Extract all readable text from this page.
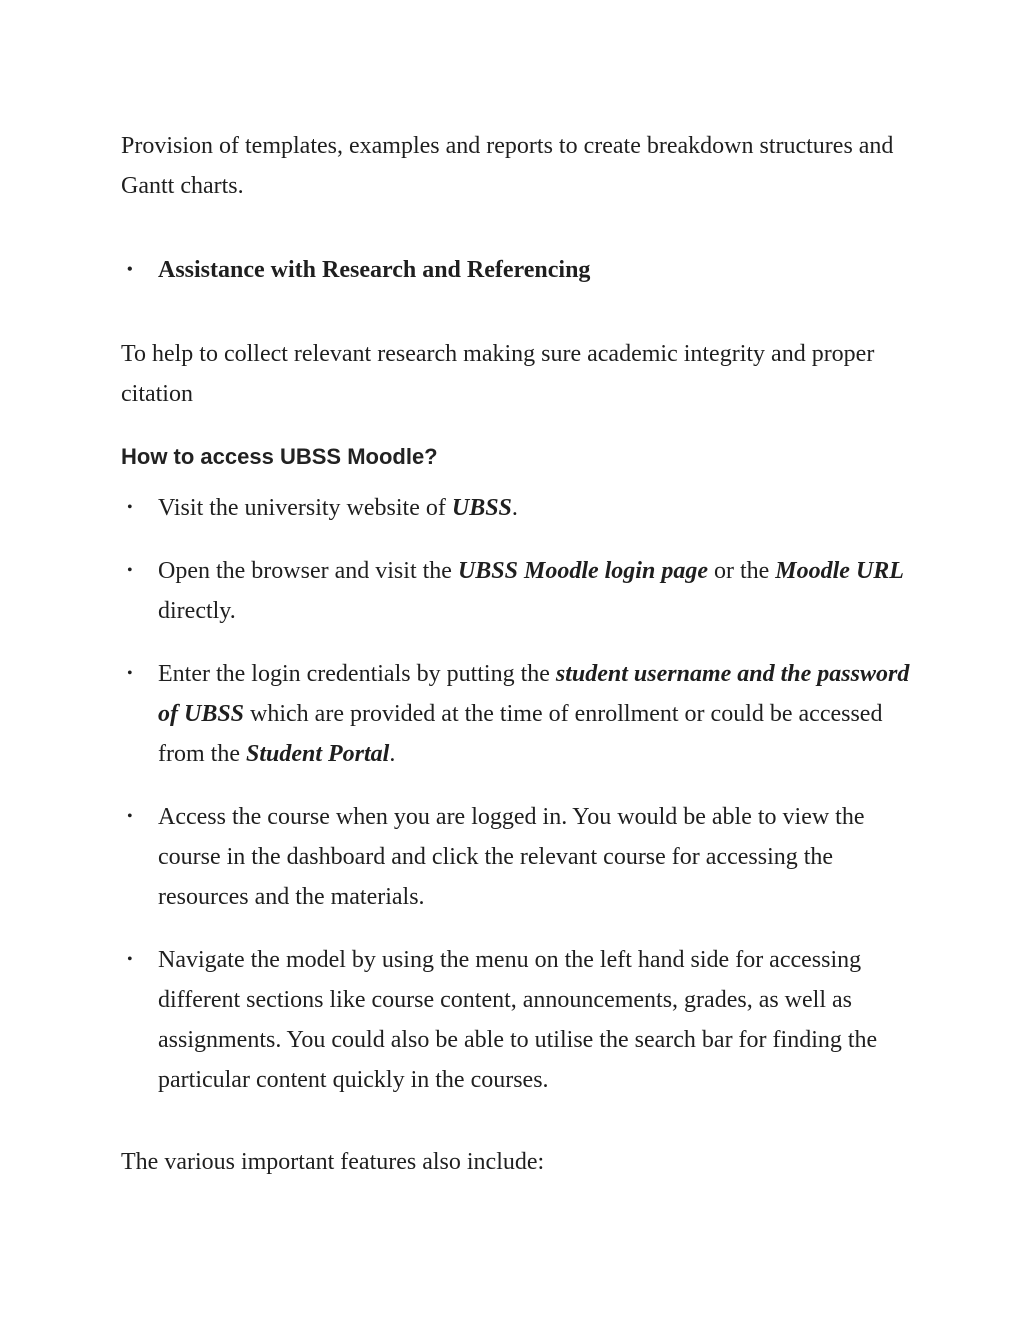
Provision of templates, examples and reports to create breakdown structures and Gantt charts.

• Assistance with Research and Referencing

To help to collect relevant research making sure academic integrity and proper citation

How to access UBSS Moodle?
• Visit the university website of UBSS.
• Open the browser and visit the UBSS Moodle login page or the Moodle URL directly.
• Enter the login credentials by putting the student username and the password of UBSS which are provided at the time of enrollment or could be accessed from the Student Portal.
• Access the course when you are logged in. You would be able to view the course in the dashboard and click the relevant course for accessing the resources and the materials.
• Navigate the model by using the menu on the left hand side for accessing different sections like course content, announcements, grades, as well as assignments. You could also be able to utilise the search bar for finding the particular content quickly in the courses.

The various important features also include:
